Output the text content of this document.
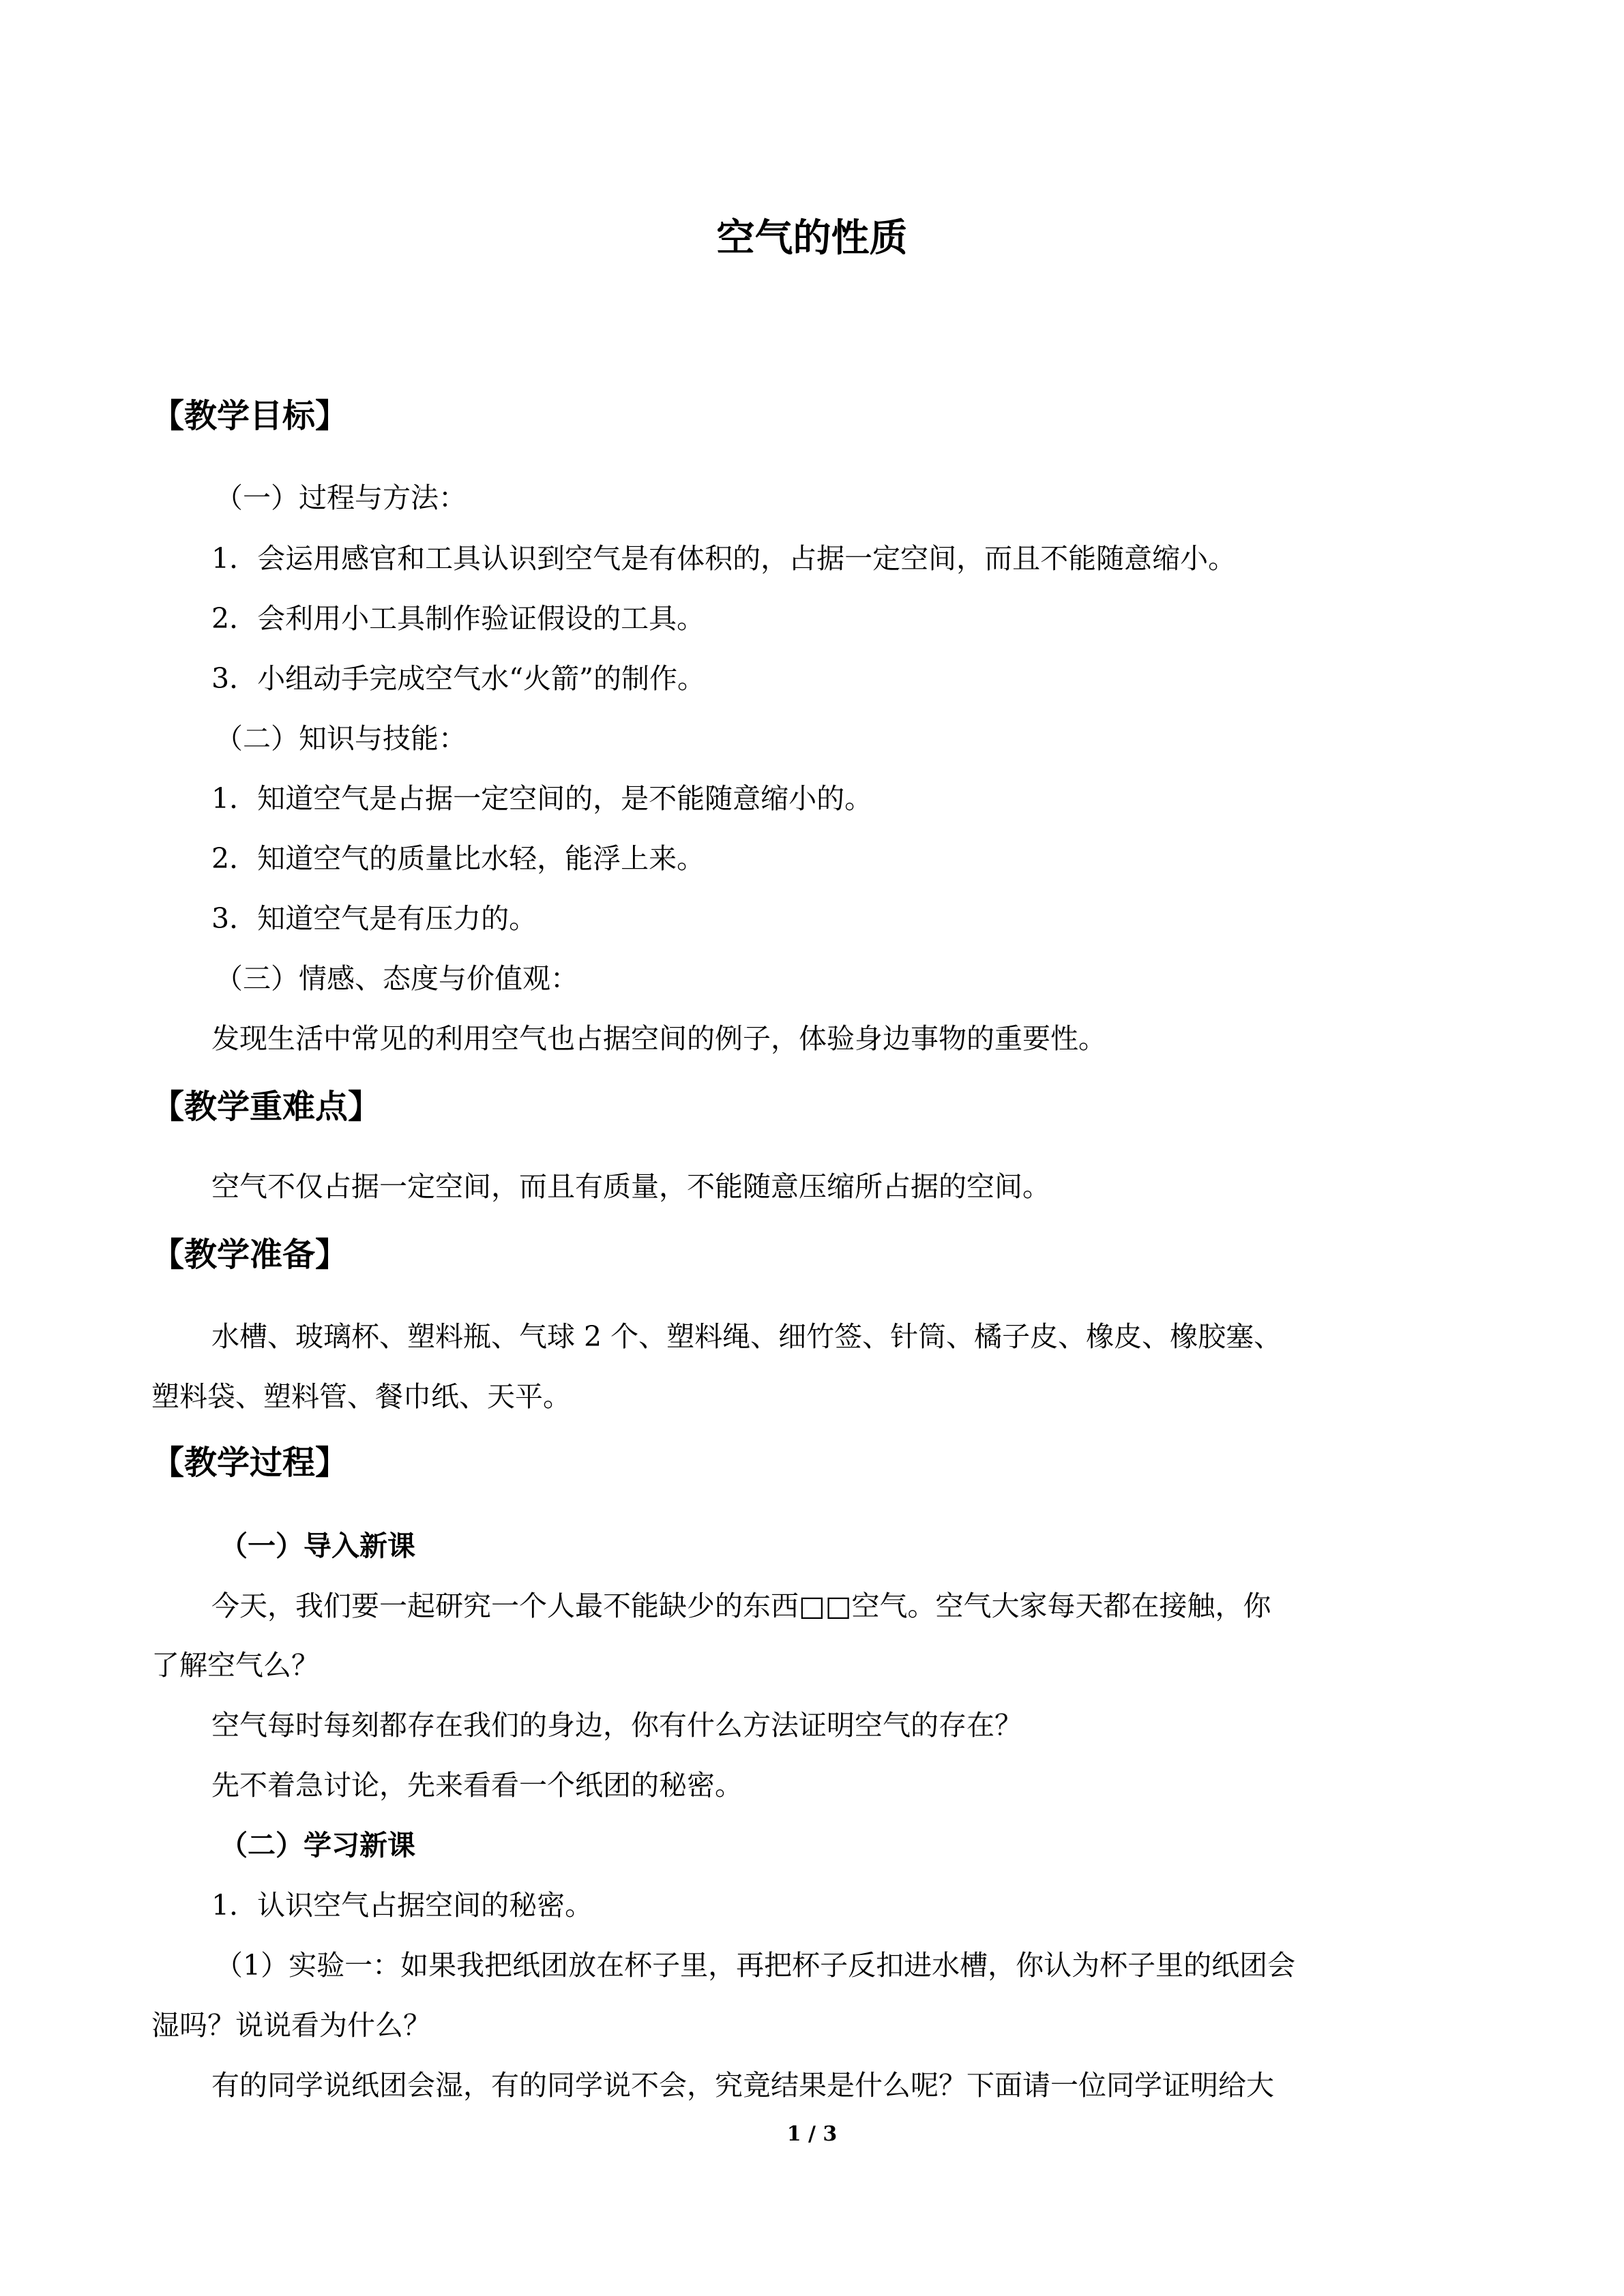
空气的性质
【教学目标】

（一）过程与方法：

1．会运用感官和工具认识到空气是有体积的，占据一定空间，而且不能随意缩小。

2．会利用小工具制作验证假设的工具。

3．小组动手完成空气水“火箭”的制作。

（二）知识与技能：

1．知道空气是占据一定空间的，是不能随意缩小的。

2．知道空气的质量比水轻，能浮上来。

3．知道空气是有压力的。

（三）情感、态度与价值观：

发现生活中常见的利用空气也占据空间的例子，体验身边事物的重要性。

【教学重难点】

空气不仅占据一定空间，而且有质量，不能随意压缩所占据的空间。

【教学准备】

水槽、玻璃杯、塑料瓶、气球 2 个、塑料绳、细竹签、针筒、橘子皮、橡皮、橡胶塞、

塑料袋、塑料管、餐巾纸、天平。

【教学过程】

（一）导入新课

今天，我们要一起研究一个人最不能缺少的东西□□空气。空气大家每天都在接触，你

了解空气么？

空气每时每刻都存在我们的身边，你有什么方法证明空气的存在？

先不着急讨论，先来看看一个纸团的秘密。

（二）学习新课

1．认识空气占据空间的秘密。

（1）实验一：如果我把纸团放在杯子里，再把杯子反扣进水槽，你认为杯子里的纸团会

湿吗？说说看为什么？

有的同学说纸团会湿，有的同学说不会，究竟结果是什么呢？下面请一位同学证明给大

1 / 3
